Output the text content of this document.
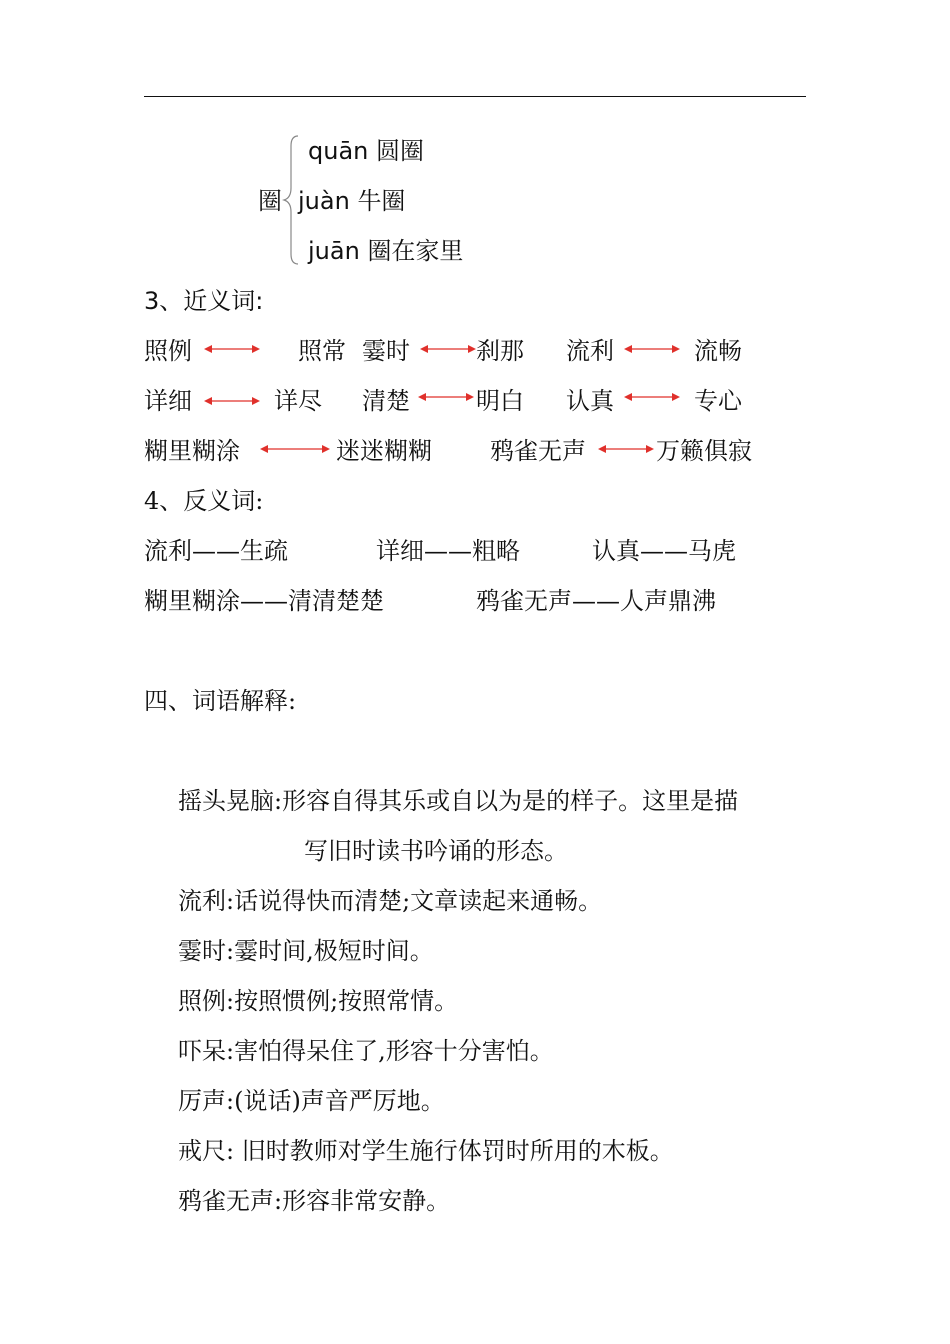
圈
quān 圆圈
juàn 牛圈
juān 圈在家里
3、近义词:
照例	照常 霎时	刹那 流利	流畅
详细	详尽 清楚	明白 认真	专心
糊里糊涂	迷迷糊糊 鸦雀无声	万籁俱寂
4、反义词:
流利——生疏	详细——粗略	认真——马虎
糊里糊涂——清清楚楚	鸦雀无声——人声鼎沸
四、词语解释:
摇头晃脑:形容自得其乐或自以为是的样子。这里是描
写旧时读书吟诵的形态。
流利:话说得快而清楚;文章读起来通畅。
霎时:霎时间,极短时间。
照例:按照惯例;按照常情。
吓呆:害怕得呆住了,形容十分害怕。
厉声:(说话)声音严厉地。
戒尺: 旧时教师对学生施行体罚时所用的木板。
鸦雀无声:形容非常安静。
